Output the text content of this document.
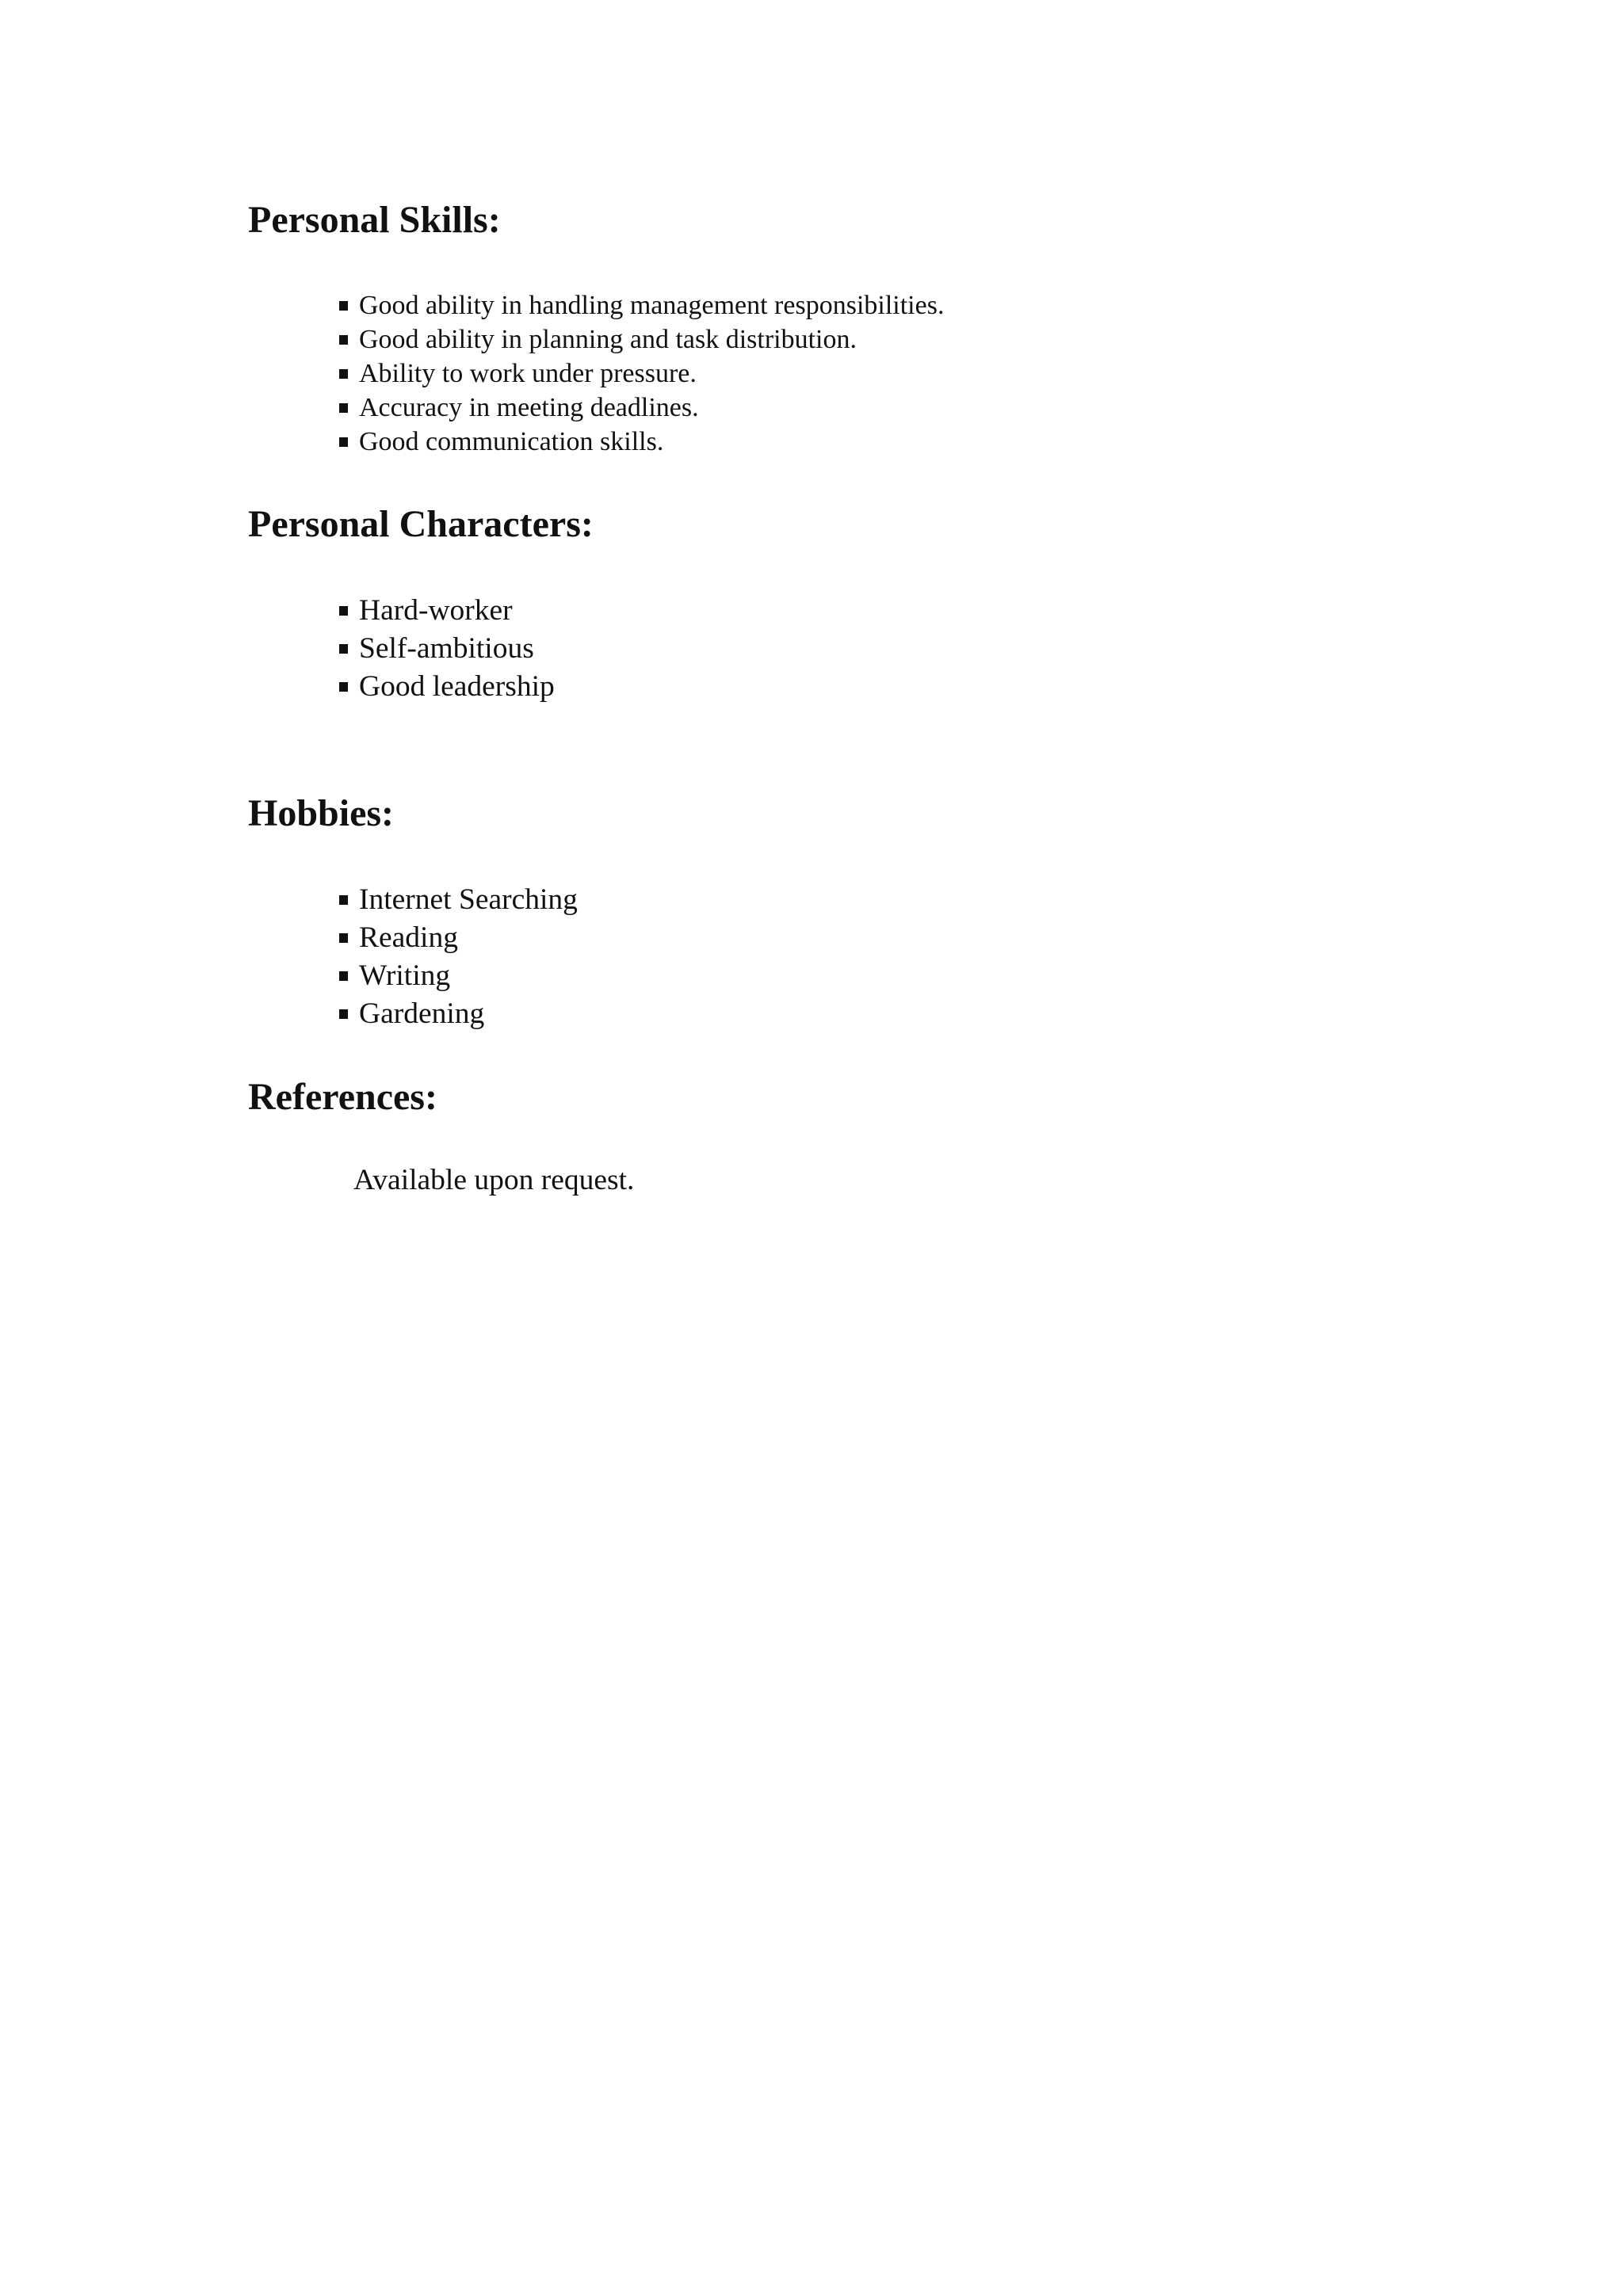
Personal Skills:
Good ability in handling management responsibilities.
Good ability in planning and task distribution.
Ability to work under pressure.
Accuracy in meeting deadlines.
Good communication skills.
Personal Characters:
Hard-worker
Self-ambitious
Good leadership
Hobbies:
Internet Searching
Reading
Writing
Gardening
References:

Available upon request.
